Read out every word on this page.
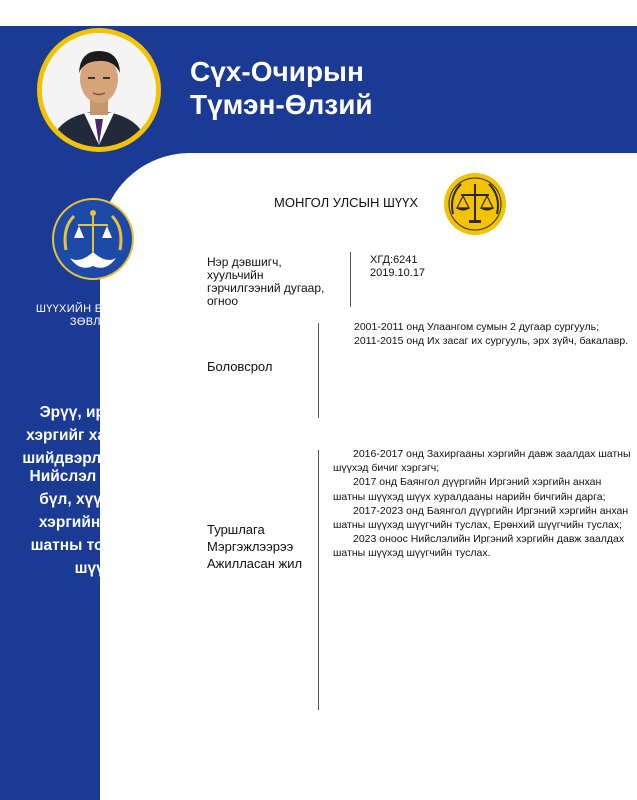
Сүх-Очирын
Түмэн-Өлзий
ШҮҮХИЙН ЕРӨНХИЙ
ЗӨВЛӨЛ
Эрүү, иргэний
хэргийг харьялан
шийдвэрлэх шүүх,
Нийслэл дэх Гэр
бүл, хүүхдийн
хэргийн анхан
шатны тойргийн
шүүх
МОНГОЛ УЛСЫН ШҮҮХ
Нэр дэвшигч,
хуульчийн
гэрчилгээний дугаар,
огноо
ХГД:6241
2019.10.17
Боловсрол

2001-2011 онд Улаангом сумын 2 дугаар сургууль;

2011-2015 онд Их засаг их сургууль, эрх зүйч, бакалавр.

Туршлага
Мэргэжлээрээ
Ажилласан жил

2016-2017 онд Захиргааны хэргийн давж заалдах шатны шүүхэд бичиг хэргэгч;

2017 онд Баянгол дүүргийн Иргэний хэргийн анхан шатны шүүхэд шүүх хуралдааны нарийн бичгийн дарга;

2017-2023 онд Баянгол дүүргийн Иргэний хэргийн анхан шатны шүүхэд шүүгчийн туслах, Ерөнхий шүүгчийн туслах;

2023 оноос Нийслэлийн Иргэний хэргийн давж заалдах шатны шүүхэд шүүгчийн туслах.
